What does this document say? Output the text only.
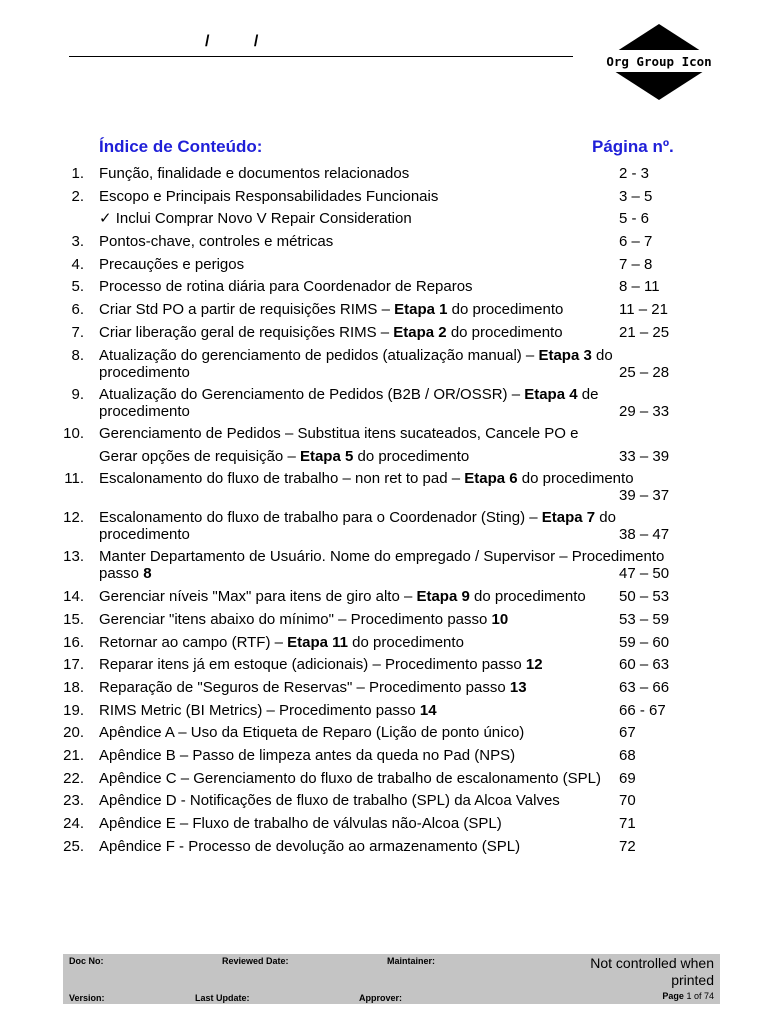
/          /
Org Group Icon
Índice de Conteúdo:	Página nº.
1. Função, finalidade e documentos relacionados	2 - 3
2. Escopo e Principais Responsabilidades Funcionais	3 – 5
✓ Inclui Comprar Novo V Repair Consideration	5 - 6
3. Pontos-chave, controles e métricas	6 – 7
4. Precauções e perigos	7 – 8
5. Processo de rotina diária para Coordenador de Reparos	8 – 11
6. Criar Std PO a partir de requisições RIMS – Etapa 1 do procedimento	11 – 21
7. Criar liberação geral de requisições RIMS – Etapa 2 do procedimento	21 – 25
8. Atualização do gerenciamento de pedidos (atualização manual) – Etapa 3 do
procedimento	25 – 28
9. Atualização do Gerenciamento de Pedidos (B2B / OR/OSSR) – Etapa 4 de
procedimento	29 – 33
10. Gerenciamento de Pedidos – Substitua itens sucateados, Cancele PO e
Gerar opções de requisição – Etapa 5 do procedimento	33 – 39
11. Escalonamento do fluxo de trabalho – non ret to pad – Etapa 6 do procedimento
39 – 37
12. Escalonamento do fluxo de trabalho para o Coordenador (Sting) – Etapa 7 do
procedimento	38 – 47
13. Manter Departamento de Usuário. Nome do empregado / Supervisor – Procedimento
passo 8	47 – 50
14. Gerenciar níveis "Max" para itens de giro alto – Etapa 9 do procedimento 50 – 53
15. Gerenciar "itens abaixo do mínimo" – Procedimento passo 10	53 – 59
16. Retornar ao campo (RTF) – Etapa 11 do procedimento	59 – 60
17. Reparar itens já em estoque (adicionais) – Procedimento passo 12	60 – 63
18. Reparação de "Seguros de Reservas" – Procedimento passo 13	63 – 66
19. RIMS Metric (BI Metrics) – Procedimento passo 14	66 - 67
20. Apêndice A – Uso da Etiqueta de Reparo (Lição de ponto único)	67
21. Apêndice B – Passo de limpeza antes da queda no Pad (NPS)	68
22. Apêndice C – Gerenciamento do fluxo de trabalho de escalonamento (SPL) 69
23. Apêndice D - Notificações de fluxo de trabalho (SPL) da Alcoa Valves	70
24. Apêndice E – Fluxo de trabalho de válvulas não-Alcoa (SPL)	71
25. Apêndice F - Processo de devolução ao armazenamento (SPL)	72
Doc No:	Reviewed Date:	Maintainer:
Version:	Last Update:	Approver:
Not controlled when
printed
Page 1 of 74
